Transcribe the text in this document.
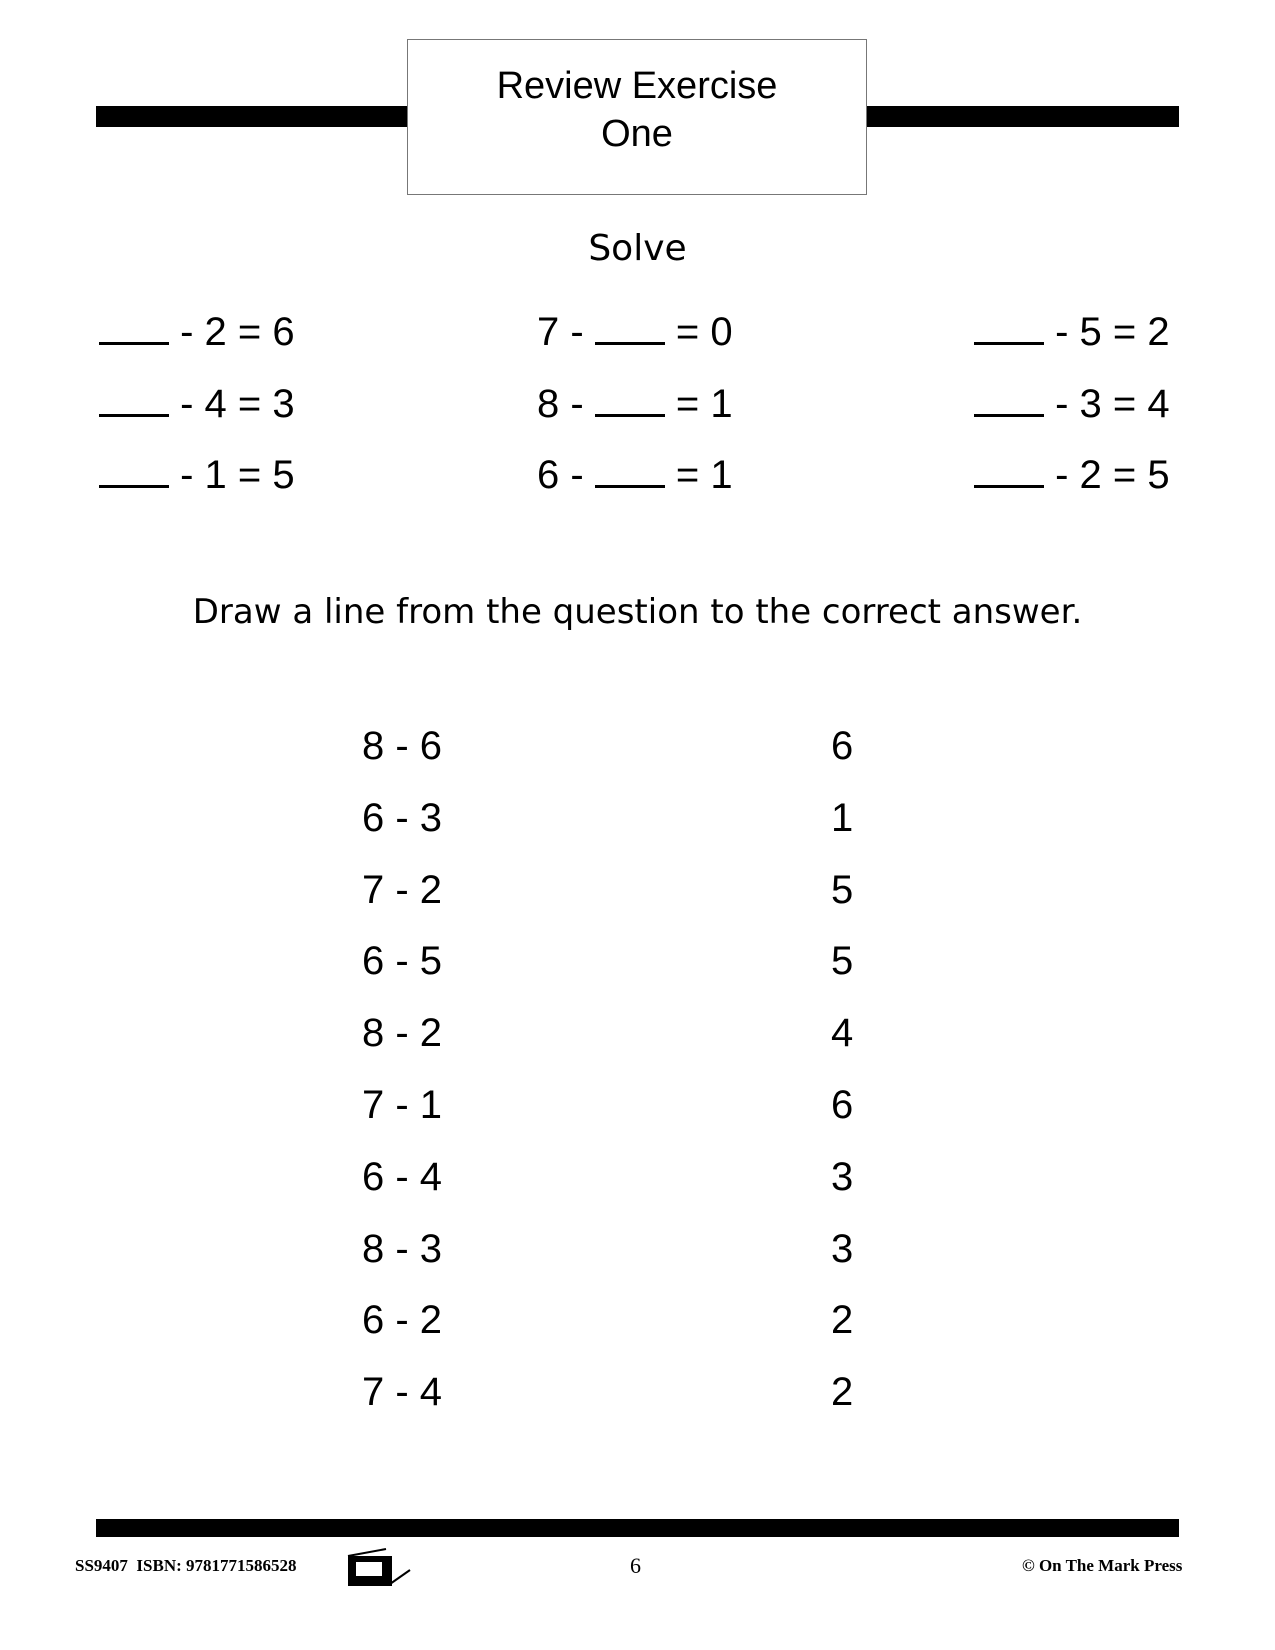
Review Exercise
One
Solve
- 2 = 6	7 -  = 0	- 5 = 2
- 4 = 3	8 -  = 1	- 3 = 4
- 1 = 5	6 -  = 1	- 2 = 5
Draw a line from the question to the correct answer.
8 - 6	6
6 - 3	1
7 - 2	5
6 - 5	5
8 - 2	4
7 - 1	6
6 - 4	3
8 - 3	3
6 - 2	2
7 - 4	2
SS9407  ISBN: 9781771586528	6	© On The Mark Press
